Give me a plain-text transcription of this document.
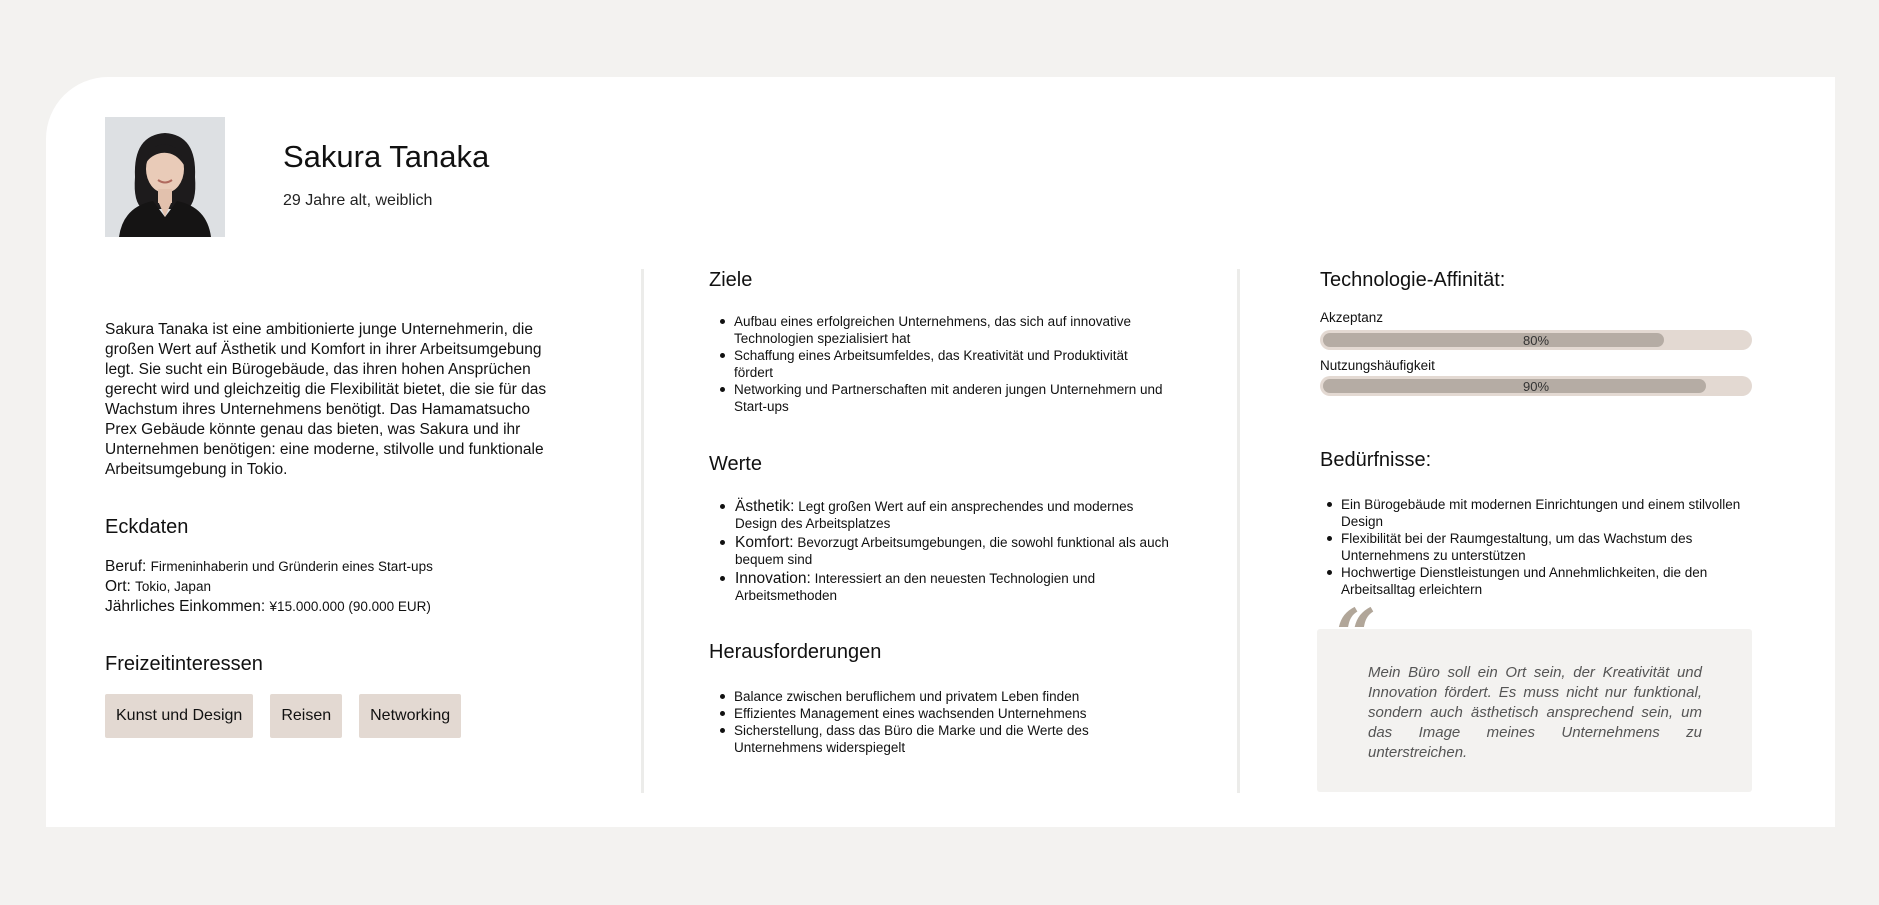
Sakura Tanaka
29 Jahre alt, weiblich

Sakura Tanaka ist eine ambitionierte junge Unternehmerin, die großen Wert auf Ästhetik und Komfort in ihrer Arbeitsumgebung legt. Sie sucht ein Bürogebäude, das ihren hohen Ansprüchen gerecht wird und gleichzeitig die Flexibilität bietet, die sie für das Wachstum ihres Unternehmens benötigt. Das Hamamatsucho Prex Gebäude könnte genau das bieten, was Sakura und ihr Unternehmen benötigen: eine moderne, stilvolle und funktionale Arbeitsumgebung in Tokio.

Eckdaten
Beruf: Firmeninhaberin und Gründerin eines Start-ups
Ort: Tokio, Japan
Jährliches Einkommen: ¥15.000.000 (90.000 EUR)
Freizeitinteressen
Kunst und Design	Reisen	Networking
Ziele
Aufbau eines erfolgreichen Unternehmens, das sich auf innovative Technologien spezialisiert hat
Schaffung eines Arbeitsumfeldes, das Kreativität und Produktivität fördert
Networking und Partnerschaften mit anderen jungen Unternehmern und Start-ups
Werte
Ästhetik: Legt großen Wert auf ein ansprechendes und modernes Design des Arbeitsplatzes
Komfort: Bevorzugt Arbeitsumgebungen, die sowohl funktional als auch bequem sind
Innovation: Interessiert an den neuesten Technologien und Arbeitsmethoden
Herausforderungen
Balance zwischen beruflichem und privatem Leben finden
Effizientes Management eines wachsenden Unternehmens
Sicherstellung, dass das Büro die Marke und die Werte des Unternehmens widerspiegelt
Technologie-Affinität:
Akzeptanz
80%
Nutzungshäufigkeit
90%
Bedürfnisse:
Ein Bürogebäude mit modernen Einrichtungen und einem stilvollen Design
Flexibilität bei der Raumgestaltung, um das Wachstum des Unternehmens zu unterstützen
Hochwertige Dienstleistungen und Annehmlichkeiten, die den Arbeitsalltag erleichtern

Mein Büro soll ein Ort sein, der Kreativität und Innovation fördert. Es muss nicht nur funktional, sondern auch ästhetisch ansprechend sein, um das Image meines Unternehmens zu unterstreichen.

“
